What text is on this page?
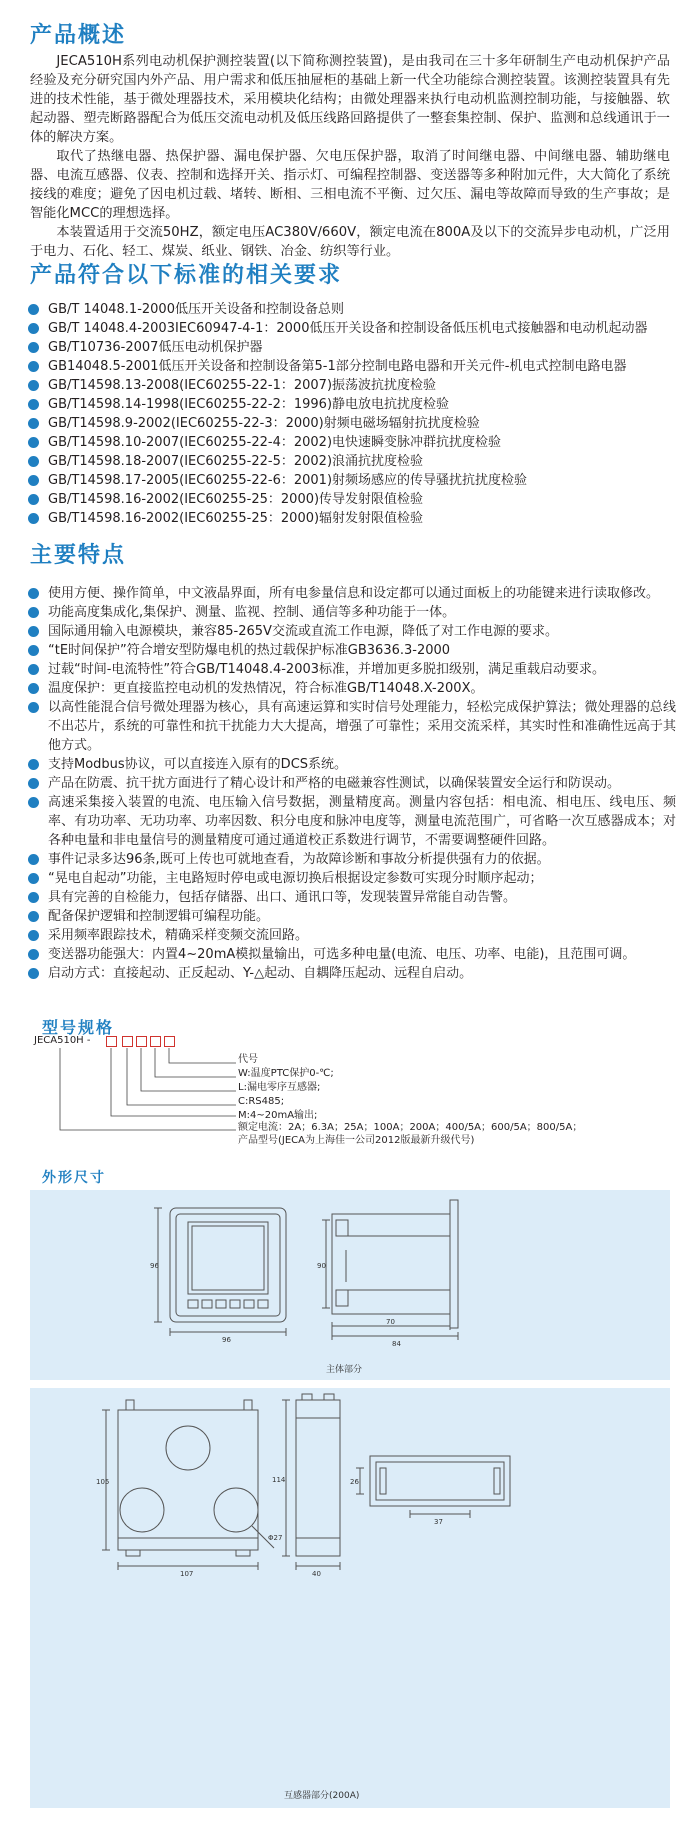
产品概述

JECA510H系列电动机保护测控装置(以下简称测控装置)，是由我司在三十多年研制生产电动机保护产品经验及充分研究国内外产品、用户需求和低压抽屉柜的基础上新一代全功能综合测控装置。该测控装置具有先进的技术性能，基于微处理器技术，采用模块化结构；由微处理器来执行电动机监测控制功能，与接触器、软起动器、塑壳断路器配合为低压交流电动机及低压线路回路提供了一整套集控制、保护、监测和总线通讯于一体的解决方案。

取代了热继电器、热保护器、漏电保护器、欠电压保护器，取消了时间继电器、中间继电器、辅助继电器、电流互感器、仪表、控制和选择开关、指示灯、可编程控制器、变送器等多种附加元件，大大简化了系统接线的难度；避免了因电机过载、堵转、断相、三相电流不平衡、过欠压、漏电等故障而导致的生产事故；是智能化MCC的理想选择。

本装置适用于交流50HZ，额定电压AC380V/660V，额定电流在800A及以下的交流异步电动机，广泛用于电力、石化、轻工、煤炭、纸业、钢铁、冶金、纺织等行业。

产品符合以下标准的相关要求
GB/T 14048.1-2000低压开关设备和控制设备总则
GB/T 14048.4-2003IEC60947-4-1：2000低压开关设备和控制设备低压机电式接触器和电动机起动器
GB/T10736-2007低压电动机保护器
GB14048.5-2001低压开关设备和控制设备第5-1部分控制电路电器和开关元件-机电式控制电路电器
GB/T14598.13-2008(IEC60255-22-1：2007)振荡波抗扰度检验
GB/T14598.14-1998(IEC60255-22-2：1996)静电放电抗扰度检验
GB/T14598.9-2002(IEC60255-22-3：2000)射频电磁场辐射抗扰度检验
GB/T14598.10-2007(IEC60255-22-4：2002)电快速瞬变脉冲群抗扰度检验
GB/T14598.18-2007(IEC60255-22-5：2002)浪涌抗扰度检验
GB/T14598.17-2005(IEC60255-22-6：2001)射频场感应的传导骚扰抗扰度检验
GB/T14598.16-2002(IEC60255-25：2000)传导发射限值检验
GB/T14598.16-2002(IEC60255-25：2000)辐射发射限值检验
主要特点
使用方便、操作简单，中文液晶界面，所有电参量信息和设定都可以通过面板上的功能键来进行读取修改。
功能高度集成化,集保护、测量、监视、控制、通信等多种功能于一体。
国际通用输入电源模块，兼容85-265V交流或直流工作电源，降低了对工作电源的要求。
“tE时间保护”符合增安型防爆电机的热过载保护标准GB3636.3-2000
过载“时间-电流特性”符合GB/T14048.4-2003标准，并增加更多脱扣级别，满足重载启动要求。
温度保护：更直接监控电动机的发热情况，符合标准GB/T14048.X-200X。
以高性能混合信号微处理器为核心，具有高速运算和实时信号处理能力，轻松完成保护算法；微处理器的总线不出芯片，系统的可靠性和抗干扰能力大大提高，增强了可靠性；采用交流采样，其实时性和准确性远高于其他方式。
支持Modbus协议，可以直接连入原有的DCS系统。
产品在防震、抗干扰方面进行了精心设计和严格的电磁兼容性测试，以确保装置安全运行和防误动。
高速采集接入装置的电流、电压输入信号数据，测量精度高。测量内容包括：相电流、相电压、线电压、频率、有功功率、无功功率、功率因数、积分电度和脉冲电度等，测量电流范围广，可省略一次互感器成本；对各种电量和非电量信号的测量精度可通过通道校正系数进行调节，不需要调整硬件回路。
事件记录多达96条,既可上传也可就地查看，为故障诊断和事故分析提供强有力的依据。
“晃电自起动”功能，主电路短时停电或电源切换后根据设定参数可实现分时顺序起动；
具有完善的自检能力，包括存储器、出口、通讯口等，发现装置异常能自动告警。
配备保护逻辑和控制逻辑可编程功能。
采用频率跟踪技术，精确采样变频交流回路。
变送器功能强大：内置4~20mA模拟量输出，可选多种电量(电流、电压、功率、电能)，且范围可调。
启动方式：直接起动、正反起动、Y-△起动、自耦降压起动、远程自启动。
型号规格
JECA510H -
代号
W:温度PTC保护0-℃;
L:漏电零序互感器;
C:RS485;
M:4~20mA输出;
额定电流：2A；6.3A；25A；100A；200A；400/5A；600/5A；800/5A；
产品型号(JECA为上海佳一公司2012版最新升级代号)
外形尺寸
96
96
90
70
84
主体部分
105
107
Φ27
114
40
26
37
互感器部分(200A)
